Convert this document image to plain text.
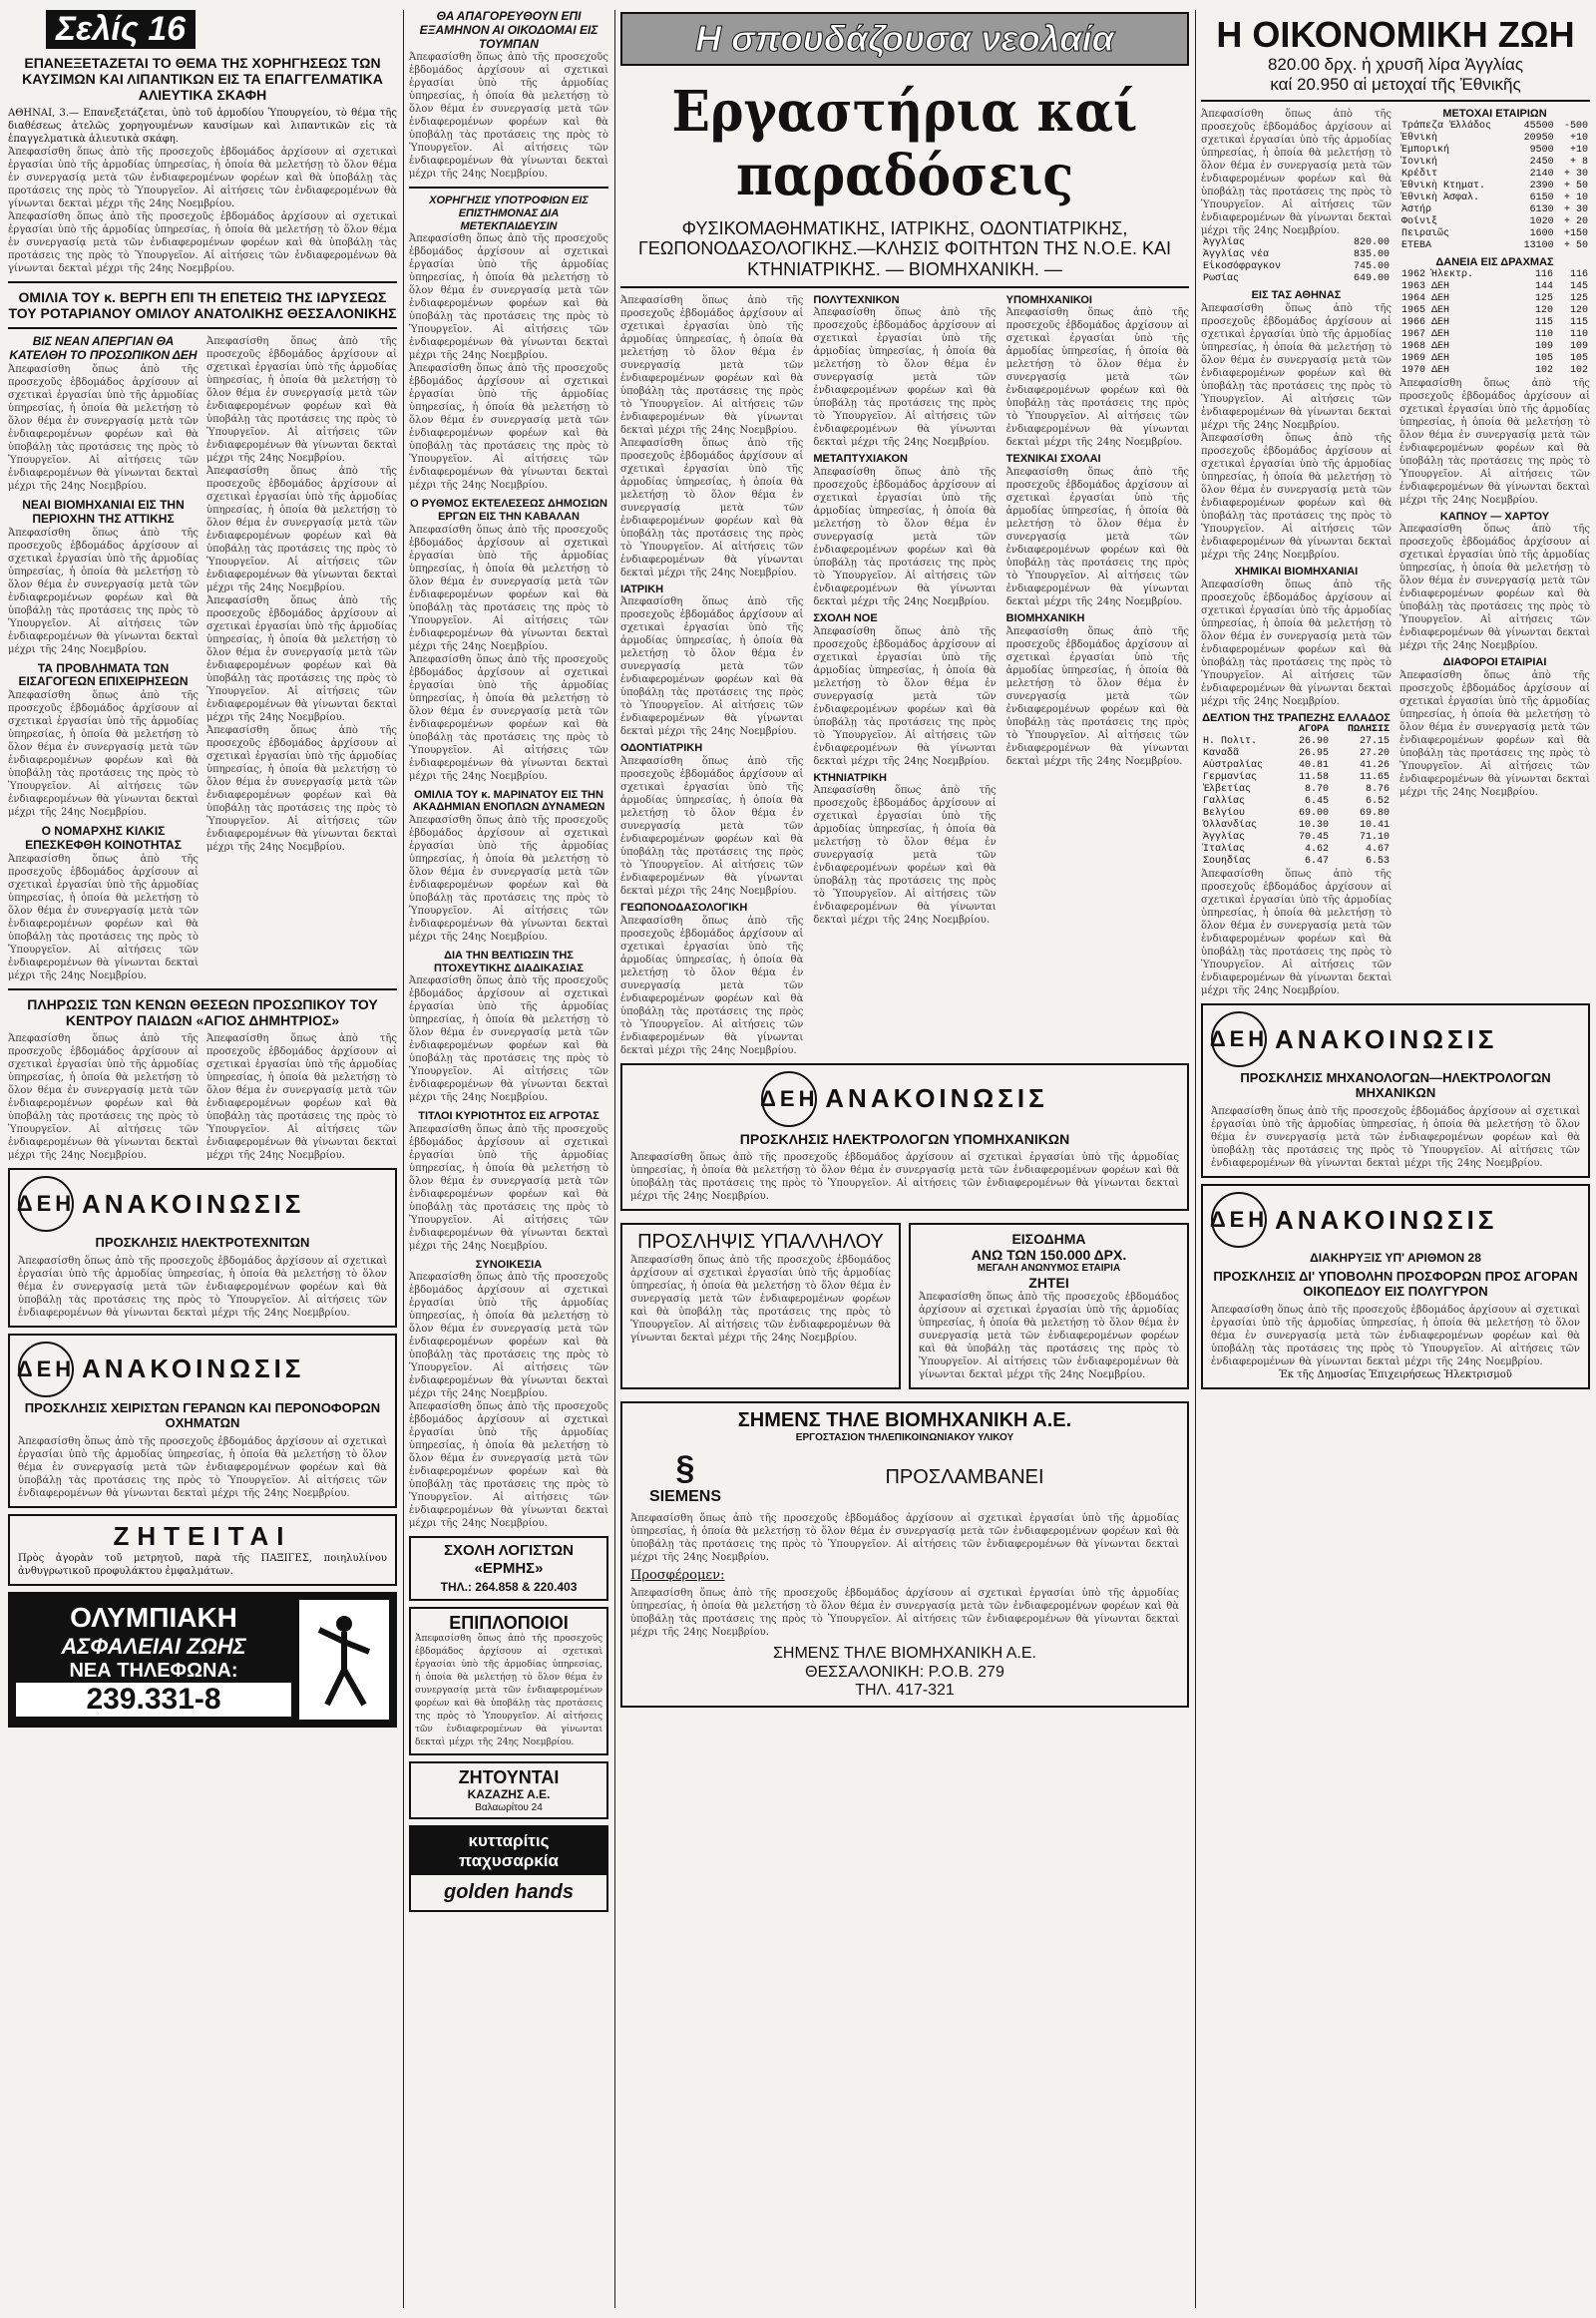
Σελίς 16
ΕΠΑΝΕΞΕΤΑΖΕΤΑΙ ΤΟ ΘΕΜΑ ΤΗΣ ΧΟΡΗΓΗΣΕΩΣ ΤΩΝ ΚΑΥΣΙΜΩΝ ΚΑΙ ΛΙΠΑΝΤΙΚΩΝ ΕΙΣ ΤΑ ΕΠΑΓΓΕΛΜΑΤΙΚΑ ΑΛΙΕΥΤΙΚΑ ΣΚΑΦΗ
ΑΘΗΝΑΙ, 3.— Επανεξετάζεται, ὑπὸ τοῦ ἁρμοδίου Ὑπουργείου, τὸ θέμα τῆς διαθέσεως ἀτελῶς χορηγουμένων καυσίμων καὶ λιπαντικῶν εἰς τὰ ἐπαγγελματικὰ ἁλιευτικὰ σκάφη.
Ἀπεφασίσθη ὅπως ἀπὸ τῆς προσεχοῦς ἑβδομάδος ἀρχίσουν αἱ σχετικαὶ ἐργασίαι ὑπὸ τῆς ἁρμοδίας ὑπηρεσίας, ἡ ὁποία θὰ μελετήσῃ τὸ ὅλον θέμα ἐν συνεργασίᾳ μετὰ τῶν ἐνδιαφερομένων φορέων καὶ θὰ ὑποβάλῃ τὰς προτάσεις της πρὸς τὸ Ὑπουργεῖον. Αἱ αἰτήσεις τῶν ἐνδιαφερομένων θὰ γίνωνται δεκταὶ μέχρι τῆς 24ης Νοεμβρίου.
Ἀπεφασίσθη ὅπως ἀπὸ τῆς προσεχοῦς ἑβδομάδος ἀρχίσουν αἱ σχετικαὶ ἐργασίαι ὑπὸ τῆς ἁρμοδίας ὑπηρεσίας, ἡ ὁποία θὰ μελετήσῃ τὸ ὅλον θέμα ἐν συνεργασίᾳ μετὰ τῶν ἐνδιαφερομένων φορέων καὶ θὰ ὑποβάλῃ τὰς προτάσεις της πρὸς τὸ Ὑπουργεῖον. Αἱ αἰτήσεις τῶν ἐνδιαφερομένων θὰ γίνωνται δεκταὶ μέχρι τῆς 24ης Νοεμβρίου.
ΟΜΙΛΙΑ ΤΟΥ κ. ΒΕΡΓΗ ΕΠΙ ΤΗ ΕΠΕΤΕΙΩ ΤΗΣ ΙΔΡΥΣΕΩΣ ΤΟΥ ΡΟΤΑΡΙΑΝΟΥ ΟΜΙΛΟΥ ΑΝΑΤΟΛΙΚΗΣ ΘΕΣΣΑΛΟΝΙΚΗΣ
ΒΙΣ ΝΕΑΝ ΑΠΕΡΓΙΑΝ ΘΑ ΚΑΤΕΛΘΗ ΤΟ ΠΡΟΣΩΠΙΚΟΝ ΔΕΗ
Ἀπεφασίσθη ὅπως ἀπὸ τῆς προσεχοῦς ἑβδομάδος ἀρχίσουν αἱ σχετικαὶ ἐργασίαι ὑπὸ τῆς ἁρμοδίας ὑπηρεσίας, ἡ ὁποία θὰ μελετήσῃ τὸ ὅλον θέμα ἐν συνεργασίᾳ μετὰ τῶν ἐνδιαφερομένων φορέων καὶ θὰ ὑποβάλῃ τὰς προτάσεις της πρὸς τὸ Ὑπουργεῖον. Αἱ αἰτήσεις τῶν ἐνδιαφερομένων θὰ γίνωνται δεκταὶ μέχρι τῆς 24ης Νοεμβρίου.
ΝΕΑΙ ΒΙΟΜΗΧΑΝΙΑΙ ΕΙΣ ΤΗΝ ΠΕΡΙΟΧΗΝ ΤΗΣ ΑΤΤΙΚΗΣ
Ἀπεφασίσθη ὅπως ἀπὸ τῆς προσεχοῦς ἑβδομάδος ἀρχίσουν αἱ σχετικαὶ ἐργασίαι ὑπὸ τῆς ἁρμοδίας ὑπηρεσίας, ἡ ὁποία θὰ μελετήσῃ τὸ ὅλον θέμα ἐν συνεργασίᾳ μετὰ τῶν ἐνδιαφερομένων φορέων καὶ θὰ ὑποβάλῃ τὰς προτάσεις της πρὸς τὸ Ὑπουργεῖον. Αἱ αἰτήσεις τῶν ἐνδιαφερομένων θὰ γίνωνται δεκταὶ μέχρι τῆς 24ης Νοεμβρίου.
ΤΑ ΠΡΟΒΛΗΜΑΤΑ ΤΩΝ ΕΙΣΑΓΟΓΕΩΝ ΕΠΙΧΕΙΡΗΣΕΩΝ
Ἀπεφασίσθη ὅπως ἀπὸ τῆς προσεχοῦς ἑβδομάδος ἀρχίσουν αἱ σχετικαὶ ἐργασίαι ὑπὸ τῆς ἁρμοδίας ὑπηρεσίας, ἡ ὁποία θὰ μελετήσῃ τὸ ὅλον θέμα ἐν συνεργασίᾳ μετὰ τῶν ἐνδιαφερομένων φορέων καὶ θὰ ὑποβάλῃ τὰς προτάσεις της πρὸς τὸ Ὑπουργεῖον. Αἱ αἰτήσεις τῶν ἐνδιαφερομένων θὰ γίνωνται δεκταὶ μέχρι τῆς 24ης Νοεμβρίου.
Ο ΝΟΜΑΡΧΗΣ ΚΙΛΚΙΣ ΕΠΕΣΚΕΦΘΗ ΚΟΙΝΟΤΗΤΑΣ
Ἀπεφασίσθη ὅπως ἀπὸ τῆς προσεχοῦς ἑβδομάδος ἀρχίσουν αἱ σχετικαὶ ἐργασίαι ὑπὸ τῆς ἁρμοδίας ὑπηρεσίας, ἡ ὁποία θὰ μελετήσῃ τὸ ὅλον θέμα ἐν συνεργασίᾳ μετὰ τῶν ἐνδιαφερομένων φορέων καὶ θὰ ὑποβάλῃ τὰς προτάσεις της πρὸς τὸ Ὑπουργεῖον. Αἱ αἰτήσεις τῶν ἐνδιαφερομένων θὰ γίνωνται δεκταὶ μέχρι τῆς 24ης Νοεμβρίου.
Ἀπεφασίσθη ὅπως ἀπὸ τῆς προσεχοῦς ἑβδομάδος ἀρχίσουν αἱ σχετικαὶ ἐργασίαι ὑπὸ τῆς ἁρμοδίας ὑπηρεσίας, ἡ ὁποία θὰ μελετήσῃ τὸ ὅλον θέμα ἐν συνεργασίᾳ μετὰ τῶν ἐνδιαφερομένων φορέων καὶ θὰ ὑποβάλῃ τὰς προτάσεις της πρὸς τὸ Ὑπουργεῖον. Αἱ αἰτήσεις τῶν ἐνδιαφερομένων θὰ γίνωνται δεκταὶ μέχρι τῆς 24ης Νοεμβρίου.
Ἀπεφασίσθη ὅπως ἀπὸ τῆς προσεχοῦς ἑβδομάδος ἀρχίσουν αἱ σχετικαὶ ἐργασίαι ὑπὸ τῆς ἁρμοδίας ὑπηρεσίας, ἡ ὁποία θὰ μελετήσῃ τὸ ὅλον θέμα ἐν συνεργασίᾳ μετὰ τῶν ἐνδιαφερομένων φορέων καὶ θὰ ὑποβάλῃ τὰς προτάσεις της πρὸς τὸ Ὑπουργεῖον. Αἱ αἰτήσεις τῶν ἐνδιαφερομένων θὰ γίνωνται δεκταὶ μέχρι τῆς 24ης Νοεμβρίου.
Ἀπεφασίσθη ὅπως ἀπὸ τῆς προσεχοῦς ἑβδομάδος ἀρχίσουν αἱ σχετικαὶ ἐργασίαι ὑπὸ τῆς ἁρμοδίας ὑπηρεσίας, ἡ ὁποία θὰ μελετήσῃ τὸ ὅλον θέμα ἐν συνεργασίᾳ μετὰ τῶν ἐνδιαφερομένων φορέων καὶ θὰ ὑποβάλῃ τὰς προτάσεις της πρὸς τὸ Ὑπουργεῖον. Αἱ αἰτήσεις τῶν ἐνδιαφερομένων θὰ γίνωνται δεκταὶ μέχρι τῆς 24ης Νοεμβρίου.
Ἀπεφασίσθη ὅπως ἀπὸ τῆς προσεχοῦς ἑβδομάδος ἀρχίσουν αἱ σχετικαὶ ἐργασίαι ὑπὸ τῆς ἁρμοδίας ὑπηρεσίας, ἡ ὁποία θὰ μελετήσῃ τὸ ὅλον θέμα ἐν συνεργασίᾳ μετὰ τῶν ἐνδιαφερομένων φορέων καὶ θὰ ὑποβάλῃ τὰς προτάσεις της πρὸς τὸ Ὑπουργεῖον. Αἱ αἰτήσεις τῶν ἐνδιαφερομένων θὰ γίνωνται δεκταὶ μέχρι τῆς 24ης Νοεμβρίου.
ΠΛΗΡΩΣΙΣ ΤΩΝ ΚΕΝΩΝ ΘΕΣΕΩΝ ΠΡΟΣΩΠΙΚΟΥ ΤΟΥ ΚΕΝΤΡΟΥ ΠΑΙΔΩΝ «ΑΓΙΟΣ ΔΗΜΗΤΡΙΟΣ»
Ἀπεφασίσθη ὅπως ἀπὸ τῆς προσεχοῦς ἑβδομάδος ἀρχίσουν αἱ σχετικαὶ ἐργασίαι ὑπὸ τῆς ἁρμοδίας ὑπηρεσίας, ἡ ὁποία θὰ μελετήσῃ τὸ ὅλον θέμα ἐν συνεργασίᾳ μετὰ τῶν ἐνδιαφερομένων φορέων καὶ θὰ ὑποβάλῃ τὰς προτάσεις της πρὸς τὸ Ὑπουργεῖον. Αἱ αἰτήσεις τῶν ἐνδιαφερομένων θὰ γίνωνται δεκταὶ μέχρι τῆς 24ης Νοεμβρίου.
Ἀπεφασίσθη ὅπως ἀπὸ τῆς προσεχοῦς ἑβδομάδος ἀρχίσουν αἱ σχετικαὶ ἐργασίαι ὑπὸ τῆς ἁρμοδίας ὑπηρεσίας, ἡ ὁποία θὰ μελετήσῃ τὸ ὅλον θέμα ἐν συνεργασίᾳ μετὰ τῶν ἐνδιαφερομένων φορέων καὶ θὰ ὑποβάλῃ τὰς προτάσεις της πρὸς τὸ Ὑπουργεῖον. Αἱ αἰτήσεις τῶν ἐνδιαφερομένων θὰ γίνωνται δεκταὶ μέχρι τῆς 24ης Νοεμβρίου.
ΔΕΗ ΑΝΑΚΟΙΝΩΣΙΣ
ΠΡΟΣΚΛΗΣΙΣ ΗΛΕΚΤΡΟΤΕΧΝΙΤΩΝ
Ἀπεφασίσθη ὅπως ἀπὸ τῆς προσεχοῦς ἑβδομάδος ἀρχίσουν αἱ σχετικαὶ ἐργασίαι ὑπὸ τῆς ἁρμοδίας ὑπηρεσίας, ἡ ὁποία θὰ μελετήσῃ τὸ ὅλον θέμα ἐν συνεργασίᾳ μετὰ τῶν ἐνδιαφερομένων φορέων καὶ θὰ ὑποβάλῃ τὰς προτάσεις της πρὸς τὸ Ὑπουργεῖον. Αἱ αἰτήσεις τῶν ἐνδιαφερομένων θὰ γίνωνται δεκταὶ μέχρι τῆς 24ης Νοεμβρίου.
ΔΕΗ ΑΝΑΚΟΙΝΩΣΙΣ
ΠΡΟΣΚΛΗΣΙΣ ΧΕΙΡΙΣΤΩΝ ΓΕΡΑΝΩΝ ΚΑΙ ΠΕΡΟΝΟΦΟΡΩΝ ΟΧΗΜΑΤΩΝ
Ἀπεφασίσθη ὅπως ἀπὸ τῆς προσεχοῦς ἑβδομάδος ἀρχίσουν αἱ σχετικαὶ ἐργασίαι ὑπὸ τῆς ἁρμοδίας ὑπηρεσίας, ἡ ὁποία θὰ μελετήσῃ τὸ ὅλον θέμα ἐν συνεργασίᾳ μετὰ τῶν ἐνδιαφερομένων φορέων καὶ θὰ ὑποβάλῃ τὰς προτάσεις της πρὸς τὸ Ὑπουργεῖον. Αἱ αἰτήσεις τῶν ἐνδιαφερομένων θὰ γίνωνται δεκταὶ μέχρι τῆς 24ης Νοεμβρίου.
ΖΗΤΕΙΤΑΙ
Πρὸς ἀγορὰν τοῦ μετρητοῦ, παρὰ τῆς ΠΑΞΙΓΕΣ, ποιηλυλίνου ἀνθυγρωτικοῦ προφυλάκτου ἐμφαλμάτων.
ΟΛΥΜΠΙΑΚΗ
ΑΣΦΑΛΕΙΑΙ ΖΩΗΣ
ΝΕΑ ΤΗΛΕΦΩΝΑ:
239.331-8
ΘΑ ΑΠΑΓΟΡΕΥΘΟΥΝ ΕΠΙ ΕΞΑΜΗΝΟΝ ΑΙ ΟΙΚΟΔΟΜΑΙ ΕΙΣ ΤΟΥΜΠΑΝ
Ἀπεφασίσθη ὅπως ἀπὸ τῆς προσεχοῦς ἑβδομάδος ἀρχίσουν αἱ σχετικαὶ ἐργασίαι ὑπὸ τῆς ἁρμοδίας ὑπηρεσίας, ἡ ὁποία θὰ μελετήσῃ τὸ ὅλον θέμα ἐν συνεργασίᾳ μετὰ τῶν ἐνδιαφερομένων φορέων καὶ θὰ ὑποβάλῃ τὰς προτάσεις της πρὸς τὸ Ὑπουργεῖον. Αἱ αἰτήσεις τῶν ἐνδιαφερομένων θὰ γίνωνται δεκταὶ μέχρι τῆς 24ης Νοεμβρίου.
ΧΟΡΗΓΗΣΙΣ ΥΠΟΤΡΟΦΙΩΝ ΕΙΣ ΕΠΙΣΤΗΜΟΝΑΣ ΔΙΑ ΜΕΤΕΚΠΑΙΔΕΥΣΙΝ
Ἀπεφασίσθη ὅπως ἀπὸ τῆς προσεχοῦς ἑβδομάδος ἀρχίσουν αἱ σχετικαὶ ἐργασίαι ὑπὸ τῆς ἁρμοδίας ὑπηρεσίας, ἡ ὁποία θὰ μελετήσῃ τὸ ὅλον θέμα ἐν συνεργασίᾳ μετὰ τῶν ἐνδιαφερομένων φορέων καὶ θὰ ὑποβάλῃ τὰς προτάσεις της πρὸς τὸ Ὑπουργεῖον. Αἱ αἰτήσεις τῶν ἐνδιαφερομένων θὰ γίνωνται δεκταὶ μέχρι τῆς 24ης Νοεμβρίου.
Ἀπεφασίσθη ὅπως ἀπὸ τῆς προσεχοῦς ἑβδομάδος ἀρχίσουν αἱ σχετικαὶ ἐργασίαι ὑπὸ τῆς ἁρμοδίας ὑπηρεσίας, ἡ ὁποία θὰ μελετήσῃ τὸ ὅλον θέμα ἐν συνεργασίᾳ μετὰ τῶν ἐνδιαφερομένων φορέων καὶ θὰ ὑποβάλῃ τὰς προτάσεις της πρὸς τὸ Ὑπουργεῖον. Αἱ αἰτήσεις τῶν ἐνδιαφερομένων θὰ γίνωνται δεκταὶ μέχρι τῆς 24ης Νοεμβρίου.
Ο ΡΥΘΜΟΣ ΕΚΤΕΛΕΣΕΩΣ ΔΗΜΟΣΙΩΝ ΕΡΓΩΝ ΕΙΣ ΤΗΝ ΚΑΒΑΛΑΝ
Ἀπεφασίσθη ὅπως ἀπὸ τῆς προσεχοῦς ἑβδομάδος ἀρχίσουν αἱ σχετικαὶ ἐργασίαι ὑπὸ τῆς ἁρμοδίας ὑπηρεσίας, ἡ ὁποία θὰ μελετήσῃ τὸ ὅλον θέμα ἐν συνεργασίᾳ μετὰ τῶν ἐνδιαφερομένων φορέων καὶ θὰ ὑποβάλῃ τὰς προτάσεις της πρὸς τὸ Ὑπουργεῖον. Αἱ αἰτήσεις τῶν ἐνδιαφερομένων θὰ γίνωνται δεκταὶ μέχρι τῆς 24ης Νοεμβρίου.
Ἀπεφασίσθη ὅπως ἀπὸ τῆς προσεχοῦς ἑβδομάδος ἀρχίσουν αἱ σχετικαὶ ἐργασίαι ὑπὸ τῆς ἁρμοδίας ὑπηρεσίας, ἡ ὁποία θὰ μελετήσῃ τὸ ὅλον θέμα ἐν συνεργασίᾳ μετὰ τῶν ἐνδιαφερομένων φορέων καὶ θὰ ὑποβάλῃ τὰς προτάσεις της πρὸς τὸ Ὑπουργεῖον. Αἱ αἰτήσεις τῶν ἐνδιαφερομένων θὰ γίνωνται δεκταὶ μέχρι τῆς 24ης Νοεμβρίου.
ΟΜΙΛΙΑ ΤΟΥ κ. ΜΑΡΙΝΑΤΟΥ ΕΙΣ ΤΗΝ ΑΚΑΔΗΜΙΑΝ ΕΝΟΠΛΩΝ ΔΥΝΑΜΕΩΝ
Ἀπεφασίσθη ὅπως ἀπὸ τῆς προσεχοῦς ἑβδομάδος ἀρχίσουν αἱ σχετικαὶ ἐργασίαι ὑπὸ τῆς ἁρμοδίας ὑπηρεσίας, ἡ ὁποία θὰ μελετήσῃ τὸ ὅλον θέμα ἐν συνεργασίᾳ μετὰ τῶν ἐνδιαφερομένων φορέων καὶ θὰ ὑποβάλῃ τὰς προτάσεις της πρὸς τὸ Ὑπουργεῖον. Αἱ αἰτήσεις τῶν ἐνδιαφερομένων θὰ γίνωνται δεκταὶ μέχρι τῆς 24ης Νοεμβρίου.
ΔΙΑ ΤΗΝ ΒΕΛΤΙΩΣΙΝ ΤΗΣ ΠΤΟΧΕΥΤΙΚΗΣ ΔΙΑΔΙΚΑΣΙΑΣ
Ἀπεφασίσθη ὅπως ἀπὸ τῆς προσεχοῦς ἑβδομάδος ἀρχίσουν αἱ σχετικαὶ ἐργασίαι ὑπὸ τῆς ἁρμοδίας ὑπηρεσίας, ἡ ὁποία θὰ μελετήσῃ τὸ ὅλον θέμα ἐν συνεργασίᾳ μετὰ τῶν ἐνδιαφερομένων φορέων καὶ θὰ ὑποβάλῃ τὰς προτάσεις της πρὸς τὸ Ὑπουργεῖον. Αἱ αἰτήσεις τῶν ἐνδιαφερομένων θὰ γίνωνται δεκταὶ μέχρι τῆς 24ης Νοεμβρίου.
ΤΙΤΛΟΙ ΚΥΡΙΟΤΗΤΟΣ ΕΙΣ ΑΓΡΟΤΑΣ
Ἀπεφασίσθη ὅπως ἀπὸ τῆς προσεχοῦς ἑβδομάδος ἀρχίσουν αἱ σχετικαὶ ἐργασίαι ὑπὸ τῆς ἁρμοδίας ὑπηρεσίας, ἡ ὁποία θὰ μελετήσῃ τὸ ὅλον θέμα ἐν συνεργασίᾳ μετὰ τῶν ἐνδιαφερομένων φορέων καὶ θὰ ὑποβάλῃ τὰς προτάσεις της πρὸς τὸ Ὑπουργεῖον. Αἱ αἰτήσεις τῶν ἐνδιαφερομένων θὰ γίνωνται δεκταὶ μέχρι τῆς 24ης Νοεμβρίου.
ΣΥΝΟΙΚΕΣΙΑ
Ἀπεφασίσθη ὅπως ἀπὸ τῆς προσεχοῦς ἑβδομάδος ἀρχίσουν αἱ σχετικαὶ ἐργασίαι ὑπὸ τῆς ἁρμοδίας ὑπηρεσίας, ἡ ὁποία θὰ μελετήσῃ τὸ ὅλον θέμα ἐν συνεργασίᾳ μετὰ τῶν ἐνδιαφερομένων φορέων καὶ θὰ ὑποβάλῃ τὰς προτάσεις της πρὸς τὸ Ὑπουργεῖον. Αἱ αἰτήσεις τῶν ἐνδιαφερομένων θὰ γίνωνται δεκταὶ μέχρι τῆς 24ης Νοεμβρίου.
Ἀπεφασίσθη ὅπως ἀπὸ τῆς προσεχοῦς ἑβδομάδος ἀρχίσουν αἱ σχετικαὶ ἐργασίαι ὑπὸ τῆς ἁρμοδίας ὑπηρεσίας, ἡ ὁποία θὰ μελετήσῃ τὸ ὅλον θέμα ἐν συνεργασίᾳ μετὰ τῶν ἐνδιαφερομένων φορέων καὶ θὰ ὑποβάλῃ τὰς προτάσεις της πρὸς τὸ Ὑπουργεῖον. Αἱ αἰτήσεις τῶν ἐνδιαφερομένων θὰ γίνωνται δεκταὶ μέχρι τῆς 24ης Νοεμβρίου.
ΣΧΟΛΗ ΛΟΓΙΣΤΩΝ «ΕΡΜΗΣ»
ΤΗΛ.: 264.858 & 220.403
ΕΠΙΠΛΟΠΟΙΟΙ
Ἀπεφασίσθη ὅπως ἀπὸ τῆς προσεχοῦς ἑβδομάδος ἀρχίσουν αἱ σχετικαὶ ἐργασίαι ὑπὸ τῆς ἁρμοδίας ὑπηρεσίας, ἡ ὁποία θὰ μελετήσῃ τὸ ὅλον θέμα ἐν συνεργασίᾳ μετὰ τῶν ἐνδιαφερομένων φορέων καὶ θὰ ὑποβάλῃ τὰς προτάσεις της πρὸς τὸ Ὑπουργεῖον. Αἱ αἰτήσεις τῶν ἐνδιαφερομένων θὰ γίνωνται δεκταὶ μέχρι τῆς 24ης Νοεμβρίου.
ΖΗΤΟΥΝΤΑΙ
ΚΑΖΑΖΗΣ Α.Ε.
Βαλαωρίτου 24
κυτταρίτις
παχυσαρκία
golden hands
Η σπουδάζουσα νεολαία
Εργαστήρια καί παραδόσεις
ΦΥΣΙΚΟΜΑΘΗΜΑΤΙΚΗΣ, ΙΑΤΡΙΚΗΣ, ΟΔΟΝΤΙΑΤΡΙΚΗΣ, ΓΕΩΠΟΝΟΔΑΣΟΛΟΓΙΚΗΣ.—ΚΛΗΣΙΣ ΦΟΙΤΗΤΩΝ ΤΗΣ Ν.Ο.Ε. ΚΑΙ ΚΤΗΝΙΑΤΡΙΚΗΣ. — ΒΙΟΜΗΧΑΝΙΚΗ. —
Ἀπεφασίσθη ὅπως ἀπὸ τῆς προσεχοῦς ἑβδομάδος ἀρχίσουν αἱ σχετικαὶ ἐργασίαι ὑπὸ τῆς ἁρμοδίας ὑπηρεσίας, ἡ ὁποία θὰ μελετήσῃ τὸ ὅλον θέμα ἐν συνεργασίᾳ μετὰ τῶν ἐνδιαφερομένων φορέων καὶ θὰ ὑποβάλῃ τὰς προτάσεις της πρὸς τὸ Ὑπουργεῖον. Αἱ αἰτήσεις τῶν ἐνδιαφερομένων θὰ γίνωνται δεκταὶ μέχρι τῆς 24ης Νοεμβρίου.
Ἀπεφασίσθη ὅπως ἀπὸ τῆς προσεχοῦς ἑβδομάδος ἀρχίσουν αἱ σχετικαὶ ἐργασίαι ὑπὸ τῆς ἁρμοδίας ὑπηρεσίας, ἡ ὁποία θὰ μελετήσῃ τὸ ὅλον θέμα ἐν συνεργασίᾳ μετὰ τῶν ἐνδιαφερομένων φορέων καὶ θὰ ὑποβάλῃ τὰς προτάσεις της πρὸς τὸ Ὑπουργεῖον. Αἱ αἰτήσεις τῶν ἐνδιαφερομένων θὰ γίνωνται δεκταὶ μέχρι τῆς 24ης Νοεμβρίου.
ΙΑΤΡΙΚΗ
Ἀπεφασίσθη ὅπως ἀπὸ τῆς προσεχοῦς ἑβδομάδος ἀρχίσουν αἱ σχετικαὶ ἐργασίαι ὑπὸ τῆς ἁρμοδίας ὑπηρεσίας, ἡ ὁποία θὰ μελετήσῃ τὸ ὅλον θέμα ἐν συνεργασίᾳ μετὰ τῶν ἐνδιαφερομένων φορέων καὶ θὰ ὑποβάλῃ τὰς προτάσεις της πρὸς τὸ Ὑπουργεῖον. Αἱ αἰτήσεις τῶν ἐνδιαφερομένων θὰ γίνωνται δεκταὶ μέχρι τῆς 24ης Νοεμβρίου.
ΟΔΟΝΤΙΑΤΡΙΚΗ
Ἀπεφασίσθη ὅπως ἀπὸ τῆς προσεχοῦς ἑβδομάδος ἀρχίσουν αἱ σχετικαὶ ἐργασίαι ὑπὸ τῆς ἁρμοδίας ὑπηρεσίας, ἡ ὁποία θὰ μελετήσῃ τὸ ὅλον θέμα ἐν συνεργασίᾳ μετὰ τῶν ἐνδιαφερομένων φορέων καὶ θὰ ὑποβάλῃ τὰς προτάσεις της πρὸς τὸ Ὑπουργεῖον. Αἱ αἰτήσεις τῶν ἐνδιαφερομένων θὰ γίνωνται δεκταὶ μέχρι τῆς 24ης Νοεμβρίου.
ΓΕΩΠΟΝΟΔΑΣΟΛΟΓΙΚΗ
Ἀπεφασίσθη ὅπως ἀπὸ τῆς προσεχοῦς ἑβδομάδος ἀρχίσουν αἱ σχετικαὶ ἐργασίαι ὑπὸ τῆς ἁρμοδίας ὑπηρεσίας, ἡ ὁποία θὰ μελετήσῃ τὸ ὅλον θέμα ἐν συνεργασίᾳ μετὰ τῶν ἐνδιαφερομένων φορέων καὶ θὰ ὑποβάλῃ τὰς προτάσεις της πρὸς τὸ Ὑπουργεῖον. Αἱ αἰτήσεις τῶν ἐνδιαφερομένων θὰ γίνωνται δεκταὶ μέχρι τῆς 24ης Νοεμβρίου.
ΠΟΛΥΤΕΧΝΙΚΟΝ
Ἀπεφασίσθη ὅπως ἀπὸ τῆς προσεχοῦς ἑβδομάδος ἀρχίσουν αἱ σχετικαὶ ἐργασίαι ὑπὸ τῆς ἁρμοδίας ὑπηρεσίας, ἡ ὁποία θὰ μελετήσῃ τὸ ὅλον θέμα ἐν συνεργασίᾳ μετὰ τῶν ἐνδιαφερομένων φορέων καὶ θὰ ὑποβάλῃ τὰς προτάσεις της πρὸς τὸ Ὑπουργεῖον. Αἱ αἰτήσεις τῶν ἐνδιαφερομένων θὰ γίνωνται δεκταὶ μέχρι τῆς 24ης Νοεμβρίου.
ΜΕΤΑΠΤΥΧΙΑΚΟΝ
Ἀπεφασίσθη ὅπως ἀπὸ τῆς προσεχοῦς ἑβδομάδος ἀρχίσουν αἱ σχετικαὶ ἐργασίαι ὑπὸ τῆς ἁρμοδίας ὑπηρεσίας, ἡ ὁποία θὰ μελετήσῃ τὸ ὅλον θέμα ἐν συνεργασίᾳ μετὰ τῶν ἐνδιαφερομένων φορέων καὶ θὰ ὑποβάλῃ τὰς προτάσεις της πρὸς τὸ Ὑπουργεῖον. Αἱ αἰτήσεις τῶν ἐνδιαφερομένων θὰ γίνωνται δεκταὶ μέχρι τῆς 24ης Νοεμβρίου.
ΣΧΟΛΗ ΝΟΕ
Ἀπεφασίσθη ὅπως ἀπὸ τῆς προσεχοῦς ἑβδομάδος ἀρχίσουν αἱ σχετικαὶ ἐργασίαι ὑπὸ τῆς ἁρμοδίας ὑπηρεσίας, ἡ ὁποία θὰ μελετήσῃ τὸ ὅλον θέμα ἐν συνεργασίᾳ μετὰ τῶν ἐνδιαφερομένων φορέων καὶ θὰ ὑποβάλῃ τὰς προτάσεις της πρὸς τὸ Ὑπουργεῖον. Αἱ αἰτήσεις τῶν ἐνδιαφερομένων θὰ γίνωνται δεκταὶ μέχρι τῆς 24ης Νοεμβρίου.
ΚΤΗΝΙΑΤΡΙΚΗ
Ἀπεφασίσθη ὅπως ἀπὸ τῆς προσεχοῦς ἑβδομάδος ἀρχίσουν αἱ σχετικαὶ ἐργασίαι ὑπὸ τῆς ἁρμοδίας ὑπηρεσίας, ἡ ὁποία θὰ μελετήσῃ τὸ ὅλον θέμα ἐν συνεργασίᾳ μετὰ τῶν ἐνδιαφερομένων φορέων καὶ θὰ ὑποβάλῃ τὰς προτάσεις της πρὸς τὸ Ὑπουργεῖον. Αἱ αἰτήσεις τῶν ἐνδιαφερομένων θὰ γίνωνται δεκταὶ μέχρι τῆς 24ης Νοεμβρίου.
ΥΠΟΜΗΧΑΝΙΚΟΙ
Ἀπεφασίσθη ὅπως ἀπὸ τῆς προσεχοῦς ἑβδομάδος ἀρχίσουν αἱ σχετικαὶ ἐργασίαι ὑπὸ τῆς ἁρμοδίας ὑπηρεσίας, ἡ ὁποία θὰ μελετήσῃ τὸ ὅλον θέμα ἐν συνεργασίᾳ μετὰ τῶν ἐνδιαφερομένων φορέων καὶ θὰ ὑποβάλῃ τὰς προτάσεις της πρὸς τὸ Ὑπουργεῖον. Αἱ αἰτήσεις τῶν ἐνδιαφερομένων θὰ γίνωνται δεκταὶ μέχρι τῆς 24ης Νοεμβρίου.
ΤΕΧΝΙΚΑΙ ΣΧΟΛΑΙ
Ἀπεφασίσθη ὅπως ἀπὸ τῆς προσεχοῦς ἑβδομάδος ἀρχίσουν αἱ σχετικαὶ ἐργασίαι ὑπὸ τῆς ἁρμοδίας ὑπηρεσίας, ἡ ὁποία θὰ μελετήσῃ τὸ ὅλον θέμα ἐν συνεργασίᾳ μετὰ τῶν ἐνδιαφερομένων φορέων καὶ θὰ ὑποβάλῃ τὰς προτάσεις της πρὸς τὸ Ὑπουργεῖον. Αἱ αἰτήσεις τῶν ἐνδιαφερομένων θὰ γίνωνται δεκταὶ μέχρι τῆς 24ης Νοεμβρίου.
ΒΙΟΜΗΧΑΝΙΚΗ
Ἀπεφασίσθη ὅπως ἀπὸ τῆς προσεχοῦς ἑβδομάδος ἀρχίσουν αἱ σχετικαὶ ἐργασίαι ὑπὸ τῆς ἁρμοδίας ὑπηρεσίας, ἡ ὁποία θὰ μελετήσῃ τὸ ὅλον θέμα ἐν συνεργασίᾳ μετὰ τῶν ἐνδιαφερομένων φορέων καὶ θὰ ὑποβάλῃ τὰς προτάσεις της πρὸς τὸ Ὑπουργεῖον. Αἱ αἰτήσεις τῶν ἐνδιαφερομένων θὰ γίνωνται δεκταὶ μέχρι τῆς 24ης Νοεμβρίου.
ΔΕΗ ΑΝΑΚΟΙΝΩΣΙΣ
ΠΡΟΣΚΛΗΣΙΣ ΗΛΕΚΤΡΟΛΟΓΩΝ ΥΠΟΜΗΧΑΝΙΚΩΝ
Ἀπεφασίσθη ὅπως ἀπὸ τῆς προσεχοῦς ἑβδομάδος ἀρχίσουν αἱ σχετικαὶ ἐργασίαι ὑπὸ τῆς ἁρμοδίας ὑπηρεσίας, ἡ ὁποία θὰ μελετήσῃ τὸ ὅλον θέμα ἐν συνεργασίᾳ μετὰ τῶν ἐνδιαφερομένων φορέων καὶ θὰ ὑποβάλῃ τὰς προτάσεις της πρὸς τὸ Ὑπουργεῖον. Αἱ αἰτήσεις τῶν ἐνδιαφερομένων θὰ γίνωνται δεκταὶ μέχρι τῆς 24ης Νοεμβρίου.
ΠΡΟΣΛΗΨΙΣ ΥΠΑΛΛΗΛΟΥ
Ἀπεφασίσθη ὅπως ἀπὸ τῆς προσεχοῦς ἑβδομάδος ἀρχίσουν αἱ σχετικαὶ ἐργασίαι ὑπὸ τῆς ἁρμοδίας ὑπηρεσίας, ἡ ὁποία θὰ μελετήσῃ τὸ ὅλον θέμα ἐν συνεργασίᾳ μετὰ τῶν ἐνδιαφερομένων φορέων καὶ θὰ ὑποβάλῃ τὰς προτάσεις της πρὸς τὸ Ὑπουργεῖον. Αἱ αἰτήσεις τῶν ἐνδιαφερομένων θὰ γίνωνται δεκταὶ μέχρι τῆς 24ης Νοεμβρίου.
ΕΙΣΟΔΗΜΑ
ΑΝΩ ΤΩΝ 150.000 ΔΡΧ.
ΜΕΓΑΛΗ ΑΝΩΝΥΜΟΣ ΕΤΑΙΡΙΑ
ΖΗΤΕΙ
Ἀπεφασίσθη ὅπως ἀπὸ τῆς προσεχοῦς ἑβδομάδος ἀρχίσουν αἱ σχετικαὶ ἐργασίαι ὑπὸ τῆς ἁρμοδίας ὑπηρεσίας, ἡ ὁποία θὰ μελετήσῃ τὸ ὅλον θέμα ἐν συνεργασίᾳ μετὰ τῶν ἐνδιαφερομένων φορέων καὶ θὰ ὑποβάλῃ τὰς προτάσεις της πρὸς τὸ Ὑπουργεῖον. Αἱ αἰτήσεις τῶν ἐνδιαφερομένων θὰ γίνωνται δεκταὶ μέχρι τῆς 24ης Νοεμβρίου.
ΣΗΜΕΝΣ ΤΗΛΕ ΒΙΟΜΗΧΑΝΙΚΗ Α.Ε.
ΕΡΓΟΣΤΑΣΙΟΝ ΤΗΛΕΠΙΚΟΙΝΩΝΙΑΚΟΥ ΥΛΙΚΟΥ
§
SIEMENS
ΠΡΟΣΛΑΜΒΑΝΕΙ
Ἀπεφασίσθη ὅπως ἀπὸ τῆς προσεχοῦς ἑβδομάδος ἀρχίσουν αἱ σχετικαὶ ἐργασίαι ὑπὸ τῆς ἁρμοδίας ὑπηρεσίας, ἡ ὁποία θὰ μελετήσῃ τὸ ὅλον θέμα ἐν συνεργασίᾳ μετὰ τῶν ἐνδιαφερομένων φορέων καὶ θὰ ὑποβάλῃ τὰς προτάσεις της πρὸς τὸ Ὑπουργεῖον. Αἱ αἰτήσεις τῶν ἐνδιαφερομένων θὰ γίνωνται δεκταὶ μέχρι τῆς 24ης Νοεμβρίου.
Προσφέρομεν:
Ἀπεφασίσθη ὅπως ἀπὸ τῆς προσεχοῦς ἑβδομάδος ἀρχίσουν αἱ σχετικαὶ ἐργασίαι ὑπὸ τῆς ἁρμοδίας ὑπηρεσίας, ἡ ὁποία θὰ μελετήσῃ τὸ ὅλον θέμα ἐν συνεργασίᾳ μετὰ τῶν ἐνδιαφερομένων φορέων καὶ θὰ ὑποβάλῃ τὰς προτάσεις της πρὸς τὸ Ὑπουργεῖον. Αἱ αἰτήσεις τῶν ἐνδιαφερομένων θὰ γίνωνται δεκταὶ μέχρι τῆς 24ης Νοεμβρίου.
ΣΗΜΕΝΣ ΤΗΛΕ ΒΙΟΜΗΧΑΝΙΚΗ Α.Ε.
ΘΕΣΣΑΛΟΝΙΚΗ: Ρ.Ο.Β. 279
ΤΗΛ. 417-321
Η ΟΙΚΟΝΟΜΙΚΗ ΖΩΗ
820.00 δρχ. ἡ χρυσῆ λίρα Ἀγγλίας
καί 20.950 αἱ μετοχαί τῆς Ἐθνικῆς
Ἀπεφασίσθη ὅπως ἀπὸ τῆς προσεχοῦς ἑβδομάδος ἀρχίσουν αἱ σχετικαὶ ἐργασίαι ὑπὸ τῆς ἁρμοδίας ὑπηρεσίας, ἡ ὁποία θὰ μελετήσῃ τὸ ὅλον θέμα ἐν συνεργασίᾳ μετὰ τῶν ἐνδιαφερομένων φορέων καὶ θὰ ὑποβάλῃ τὰς προτάσεις της πρὸς τὸ Ὑπουργεῖον. Αἱ αἰτήσεις τῶν ἐνδιαφερομένων θὰ γίνωνται δεκταὶ μέχρι τῆς 24ης Νοεμβρίου.
Ἀγγλίας	820.00
Ἀγγλίας νέα	835.00
Εἰκοσόφραγκον	745.00
Ρωσίας	649.00
ΕΙΣ ΤΑΣ ΑΘΗΝΑΣ
Ἀπεφασίσθη ὅπως ἀπὸ τῆς προσεχοῦς ἑβδομάδος ἀρχίσουν αἱ σχετικαὶ ἐργασίαι ὑπὸ τῆς ἁρμοδίας ὑπηρεσίας, ἡ ὁποία θὰ μελετήσῃ τὸ ὅλον θέμα ἐν συνεργασίᾳ μετὰ τῶν ἐνδιαφερομένων φορέων καὶ θὰ ὑποβάλῃ τὰς προτάσεις της πρὸς τὸ Ὑπουργεῖον. Αἱ αἰτήσεις τῶν ἐνδιαφερομένων θὰ γίνωνται δεκταὶ μέχρι τῆς 24ης Νοεμβρίου.
Ἀπεφασίσθη ὅπως ἀπὸ τῆς προσεχοῦς ἑβδομάδος ἀρχίσουν αἱ σχετικαὶ ἐργασίαι ὑπὸ τῆς ἁρμοδίας ὑπηρεσίας, ἡ ὁποία θὰ μελετήσῃ τὸ ὅλον θέμα ἐν συνεργασίᾳ μετὰ τῶν ἐνδιαφερομένων φορέων καὶ θὰ ὑποβάλῃ τὰς προτάσεις της πρὸς τὸ Ὑπουργεῖον. Αἱ αἰτήσεις τῶν ἐνδιαφερομένων θὰ γίνωνται δεκταὶ μέχρι τῆς 24ης Νοεμβρίου.
ΧΗΜΙΚΑΙ ΒΙΟΜΗΧΑΝΙΑΙ
Ἀπεφασίσθη ὅπως ἀπὸ τῆς προσεχοῦς ἑβδομάδος ἀρχίσουν αἱ σχετικαὶ ἐργασίαι ὑπὸ τῆς ἁρμοδίας ὑπηρεσίας, ἡ ὁποία θὰ μελετήσῃ τὸ ὅλον θέμα ἐν συνεργασίᾳ μετὰ τῶν ἐνδιαφερομένων φορέων καὶ θὰ ὑποβάλῃ τὰς προτάσεις της πρὸς τὸ Ὑπουργεῖον. Αἱ αἰτήσεις τῶν ἐνδιαφερομένων θὰ γίνωνται δεκταὶ μέχρι τῆς 24ης Νοεμβρίου.
ΔΕΛΤΙΟΝ ΤΗΣ ΤΡΑΠΕΖΗΣ ΕΛΛΑΔΟΣ
	ΑΓΟΡΑ	ΠΩΛΗΣΙΣ
Η. Πολιτ.	26.90	27.15
Καναδᾶ	26.95	27.20
Αὐστραλίας	40.81	41.26
Γερμανίας	11.58	11.65
Ἑλβετίας	8.70	8.76
Γαλλίας	6.45	6.52
Βελγίου	69.00	69.80
Ὁλλανδίας	10.30	10.41
Ἀγγλίας	70.45	71.10
Ἰταλίας	4.62	4.67
Σουηδίας	6.47	6.53
Ἀπεφασίσθη ὅπως ἀπὸ τῆς προσεχοῦς ἑβδομάδος ἀρχίσουν αἱ σχετικαὶ ἐργασίαι ὑπὸ τῆς ἁρμοδίας ὑπηρεσίας, ἡ ὁποία θὰ μελετήσῃ τὸ ὅλον θέμα ἐν συνεργασίᾳ μετὰ τῶν ἐνδιαφερομένων φορέων καὶ θὰ ὑποβάλῃ τὰς προτάσεις της πρὸς τὸ Ὑπουργεῖον. Αἱ αἰτήσεις τῶν ἐνδιαφερομένων θὰ γίνωνται δεκταὶ μέχρι τῆς 24ης Νοεμβρίου.
ΜΕΤΟΧΑΙ ΕΤΑΙΡΙΩΝ
Τράπεζα Ἑλλάδος	45500	-500
Ἐθνικὴ	20950	+10
Ἐμπορική	9500	+10
Ἰονική	2450	+ 8
Κρέδιτ	2140	+ 30
Ἐθνικὴ Κτηματ.	2390	+ 50
Ἐθνικὴ Ἀσφαλ.	6150	+ 10
Ἀστήρ	6130	+ 30
Φοίνιξ	1020	+ 20
Πειραιῶς	1600	+150
ΕΤΕΒΑ	13100	+ 50
ΔΑΝΕΙΑ ΕΙΣ ΔΡΑΧΜΑΣ
1962 Ἠλεκτρ.	116	116
1963 ΔΕΗ	144	145
1964 ΔΕΗ	125	125
1965 ΔΕΗ	120	120
1966 ΔΕΗ	115	115
1967 ΔΕΗ	110	110
1968 ΔΕΗ	109	109
1969 ΔΕΗ	105	105
1970 ΔΕΗ	102	102
Ἀπεφασίσθη ὅπως ἀπὸ τῆς προσεχοῦς ἑβδομάδος ἀρχίσουν αἱ σχετικαὶ ἐργασίαι ὑπὸ τῆς ἁρμοδίας ὑπηρεσίας, ἡ ὁποία θὰ μελετήσῃ τὸ ὅλον θέμα ἐν συνεργασίᾳ μετὰ τῶν ἐνδιαφερομένων φορέων καὶ θὰ ὑποβάλῃ τὰς προτάσεις της πρὸς τὸ Ὑπουργεῖον. Αἱ αἰτήσεις τῶν ἐνδιαφερομένων θὰ γίνωνται δεκταὶ μέχρι τῆς 24ης Νοεμβρίου.
ΚΑΠΝΟΥ — ΧΑΡΤΟΥ
Ἀπεφασίσθη ὅπως ἀπὸ τῆς προσεχοῦς ἑβδομάδος ἀρχίσουν αἱ σχετικαὶ ἐργασίαι ὑπὸ τῆς ἁρμοδίας ὑπηρεσίας, ἡ ὁποία θὰ μελετήσῃ τὸ ὅλον θέμα ἐν συνεργασίᾳ μετὰ τῶν ἐνδιαφερομένων φορέων καὶ θὰ ὑποβάλῃ τὰς προτάσεις της πρὸς τὸ Ὑπουργεῖον. Αἱ αἰτήσεις τῶν ἐνδιαφερομένων θὰ γίνωνται δεκταὶ μέχρι τῆς 24ης Νοεμβρίου.
ΔΙΑΦΟΡΟΙ ΕΤΑΙΡΙΑΙ
Ἀπεφασίσθη ὅπως ἀπὸ τῆς προσεχοῦς ἑβδομάδος ἀρχίσουν αἱ σχετικαὶ ἐργασίαι ὑπὸ τῆς ἁρμοδίας ὑπηρεσίας, ἡ ὁποία θὰ μελετήσῃ τὸ ὅλον θέμα ἐν συνεργασίᾳ μετὰ τῶν ἐνδιαφερομένων φορέων καὶ θὰ ὑποβάλῃ τὰς προτάσεις της πρὸς τὸ Ὑπουργεῖον. Αἱ αἰτήσεις τῶν ἐνδιαφερομένων θὰ γίνωνται δεκταὶ μέχρι τῆς 24ης Νοεμβρίου.
ΔΕΗ ΑΝΑΚΟΙΝΩΣΙΣ
ΠΡΟΣΚΛΗΣΙΣ ΜΗΧΑΝΟΛΟΓΩΝ—ΗΛΕΚΤΡΟΛΟΓΩΝ ΜΗΧΑΝΙΚΩΝ
Ἀπεφασίσθη ὅπως ἀπὸ τῆς προσεχοῦς ἑβδομάδος ἀρχίσουν αἱ σχετικαὶ ἐργασίαι ὑπὸ τῆς ἁρμοδίας ὑπηρεσίας, ἡ ὁποία θὰ μελετήσῃ τὸ ὅλον θέμα ἐν συνεργασίᾳ μετὰ τῶν ἐνδιαφερομένων φορέων καὶ θὰ ὑποβάλῃ τὰς προτάσεις της πρὸς τὸ Ὑπουργεῖον. Αἱ αἰτήσεις τῶν ἐνδιαφερομένων θὰ γίνωνται δεκταὶ μέχρι τῆς 24ης Νοεμβρίου.
ΔΕΗ ΑΝΑΚΟΙΝΩΣΙΣ
ΔΙΑΚΗΡΥΞΙΣ ΥΠ' ΑΡΙΘΜΟΝ 28
ΠΡΟΣΚΛΗΣΙΣ ΔΙ' ΥΠΟΒΟΛΗΝ ΠΡΟΣΦΟΡΩΝ ΠΡΟΣ ΑΓΟΡΑΝ ΟΙΚΟΠΕΔΟΥ ΕΙΣ ΠΟΛΥΓΥΡΟΝ
Ἀπεφασίσθη ὅπως ἀπὸ τῆς προσεχοῦς ἑβδομάδος ἀρχίσουν αἱ σχετικαὶ ἐργασίαι ὑπὸ τῆς ἁρμοδίας ὑπηρεσίας, ἡ ὁποία θὰ μελετήσῃ τὸ ὅλον θέμα ἐν συνεργασίᾳ μετὰ τῶν ἐνδιαφερομένων φορέων καὶ θὰ ὑποβάλῃ τὰς προτάσεις της πρὸς τὸ Ὑπουργεῖον. Αἱ αἰτήσεις τῶν ἐνδιαφερομένων θὰ γίνωνται δεκταὶ μέχρι τῆς 24ης Νοεμβρίου.
Ἐκ τῆς Δημοσίας Ἐπιχειρήσεως Ἠλεκτρισμοῦ
